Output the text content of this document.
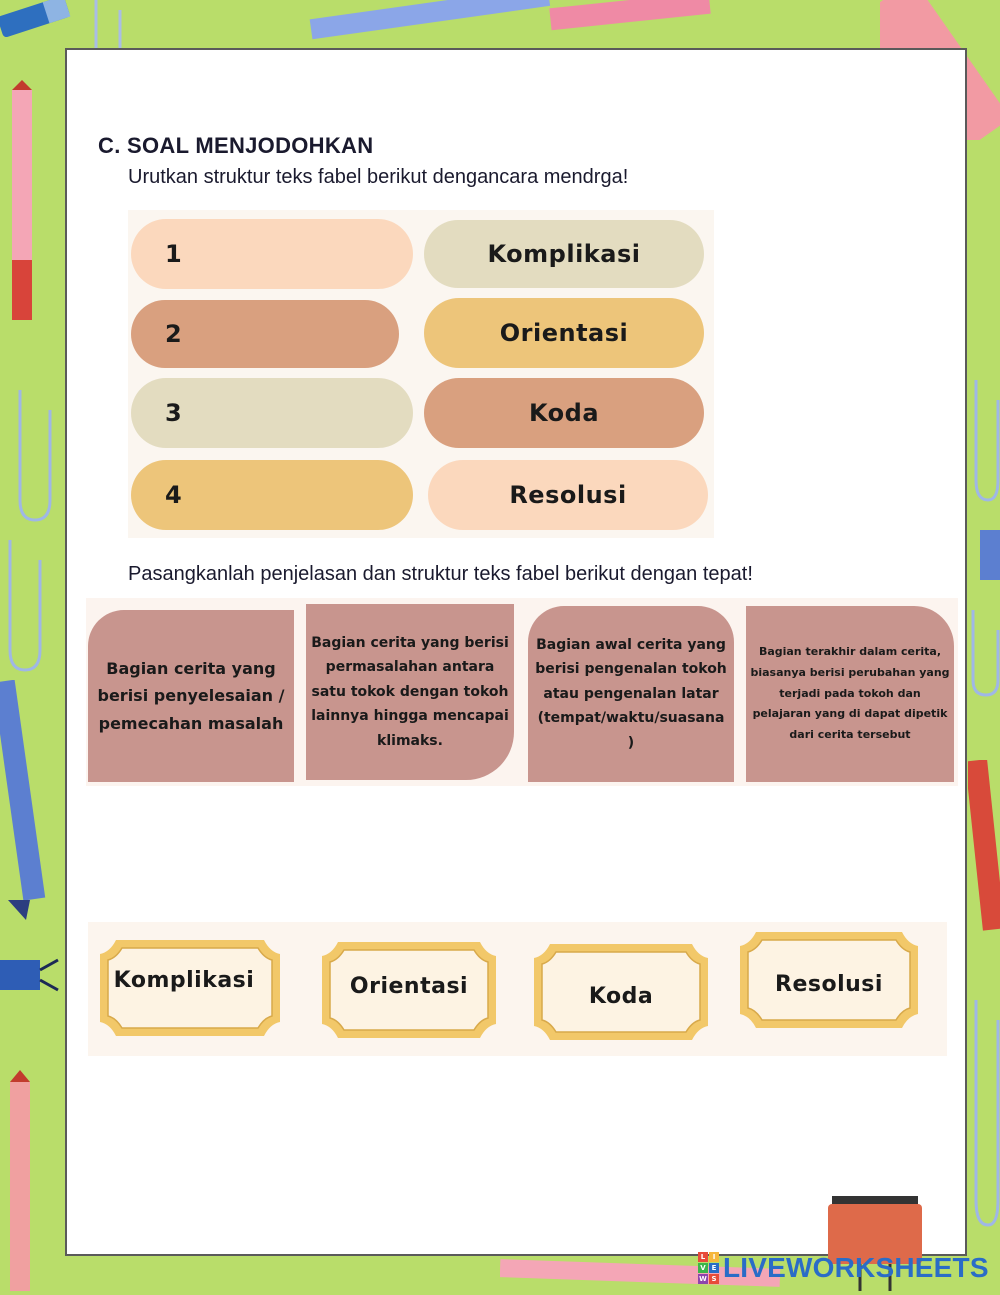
C. SOAL MENJODOHKAN
Urutkan struktur teks fabel berikut dengancara mendrga!
1
2
3
4
Komplikasi
Orientasi
Koda
Resolusi
Pasangkanlah penjelasan dan struktur teks fabel berikut dengan tepat!
Bagian cerita yang
berisi penyelesaian /
pemecahan masalah
Bagian cerita yang berisi
permasalahan antara
satu tokok dengan tokoh
lainnya hingga mencapai
klimaks.
Bagian awal cerita yang
berisi pengenalan tokoh
atau pengenalan latar
(tempat/waktu/suasana
)
Bagian terakhir dalam cerita,
biasanya berisi perubahan yang
terjadi pada tokoh dan
pelajaran yang di dapat dipetik
dari cerita tersebut
Komplikasi	Orientasi	Koda	Resolusi
L	I
V E
W S LIVEWORKSHEETS
